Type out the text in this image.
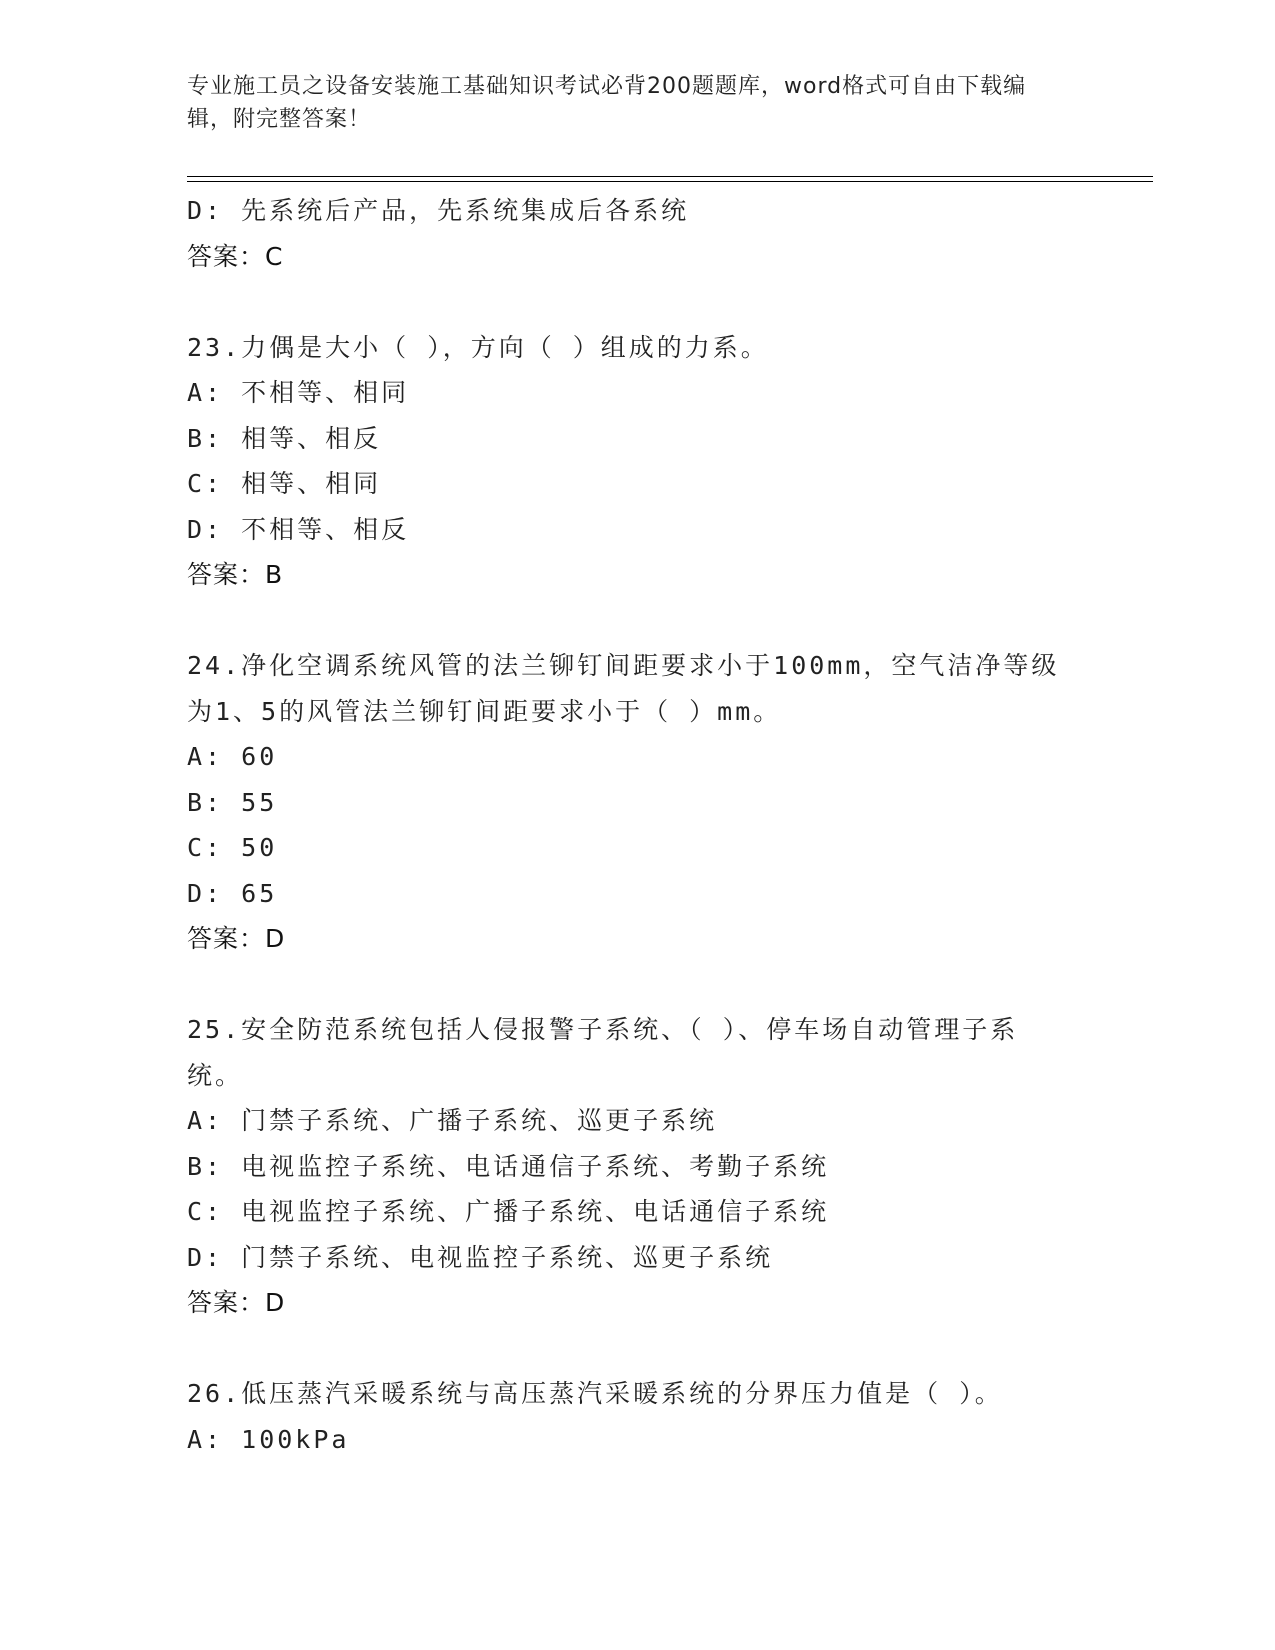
专业施工员之设备安装施工基础知识考试必背200题题库，word格式可自由下载编辑，附完整答案！
D: 先系统后产品，先系统集成后各系统
答案：C
23.力偶是大小（ ），方向（ ）组成的力系。
A: 不相等、相同
B: 相等、相反
C: 相等、相同
D: 不相等、相反
答案：B
24.净化空调系统风管的法兰铆钉间距要求小于100mm，空气洁净等级为1、5的风管法兰铆钉间距要求小于（ ）mm。
A: 60
B: 55
C: 50
D: 65
答案：D
25.安全防范系统包括人侵报警子系统、（ ）、停车场自动管理子系统。
A: 门禁子系统、广播子系统、巡更子系统
B: 电视监控子系统、电话通信子系统、考勤子系统
C: 电视监控子系统、广播子系统、电话通信子系统
D: 门禁子系统、电视监控子系统、巡更子系统
答案：D
26.低压蒸汽采暖系统与高压蒸汽采暖系统的分界压力值是（ ）。
A: 100kPa
